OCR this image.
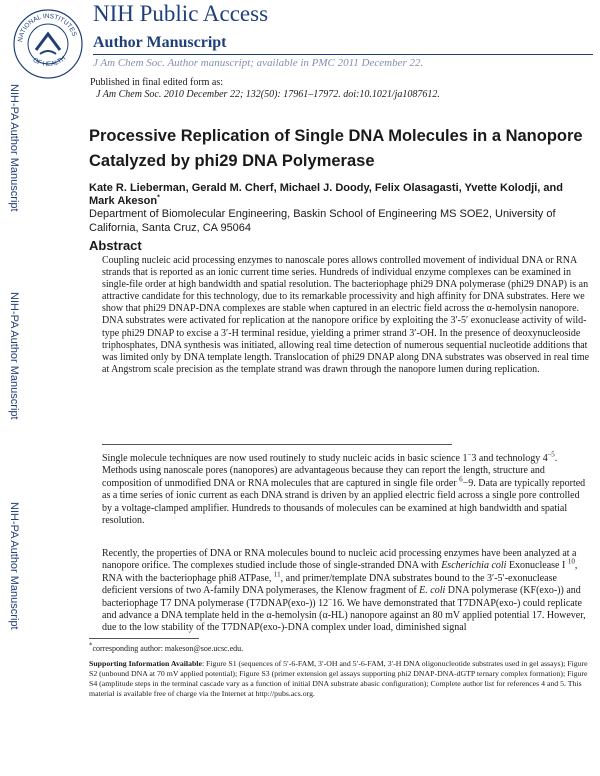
NATIONAL INSTITUTES
OF HEALTH
NIH Public Access
Author Manuscript
J Am Chem Soc. Author manuscript; available in PMC 2011 December 22.
Published in final edited form as:
J Am Chem Soc. 2010 December 22; 132(50): 17961–17972. doi:10.1021/ja1087612.
NIH-PA Author Manuscript
NIH-PA Author Manuscript
NIH-PA Author Manuscript
Processive Replication of Single DNA Molecules in a Nanopore
Catalyzed by phi29 DNA Polymerase
Kate R. Lieberman, Gerald M. Cherf, Michael J. Doody, Felix Olasagasti, Yvette Kolodji, and
Mark Akeson*
Department of Biomolecular Engineering, Baskin School of Engineering MS SOE2, University of California, Santa Cruz, CA 95064
Abstract
Coupling nucleic acid processing enzymes to nanoscale pores allows controlled movement of individual DNA or RNA strands that is reported as an ionic current time series. Hundreds of individual enzyme complexes can be examined in single-file order at high bandwidth and spatial resolution. The bacteriophage phi29 DNA polymerase (phi29 DNAP) is an attractive candidate for this technology, due to its remarkable processivity and high affinity for DNA substrates. Here we show that phi29 DNAP-DNA complexes are stable when captured in an electric field across the α-hemolysin nanopore. DNA substrates were activated for replication at the nanopore orifice by exploiting the 3′-5′ exonuclease activity of wild-type phi29 DNAP to excise a 3′-H terminal residue, yielding a primer strand 3′-OH. In the presence of deoxynucleoside triphosphates, DNA synthesis was initiated, allowing real time detection of numerous sequential nucleotide additions that was limited only by DNA template length. Translocation of phi29 DNAP along DNA substrates was observed in real time at Angstrom scale precision as the template strand was drawn through the nanopore lumen during replication.
Single molecule techniques are now used routinely to study nucleic acids in basic science 1−3 and technology $4^{-5}$. Methods using nanoscale pores (nanopores) are advantageous because they can report the length, structure and composition of unmodified DNA or RNA molecules that are captured in single file order $^6$−9. Data are typically reported as a time series of ionic current as each DNA strand is driven by an applied electric field across a single pore controlled by a voltage-clamped amplifier. Hundreds to thousands of molecules can be examined at high bandwidth and spatial resolution.
Recently, the properties of DNA or RNA molecules bound to nucleic acid processing enzymes have been analyzed at a nanopore orifice. The complexes studied include those of single-stranded DNA with Escherichia coli Exonuclease I $^{10}$, RNA with the bacteriophage phi8 ATPase, $^{11}$, and primer/template DNA substrates bound to the 3′-5′-exonuclease deficient versions of two A-family DNA polymerases, the Klenow fragment of E. coli DNA polymerase (KF(exo-)) and bacteriophage T7 DNA polymerase (T7DNAP(exo-)) 12−16. We have demonstrated that T7DNAP(exo-) could replicate and advance a DNA template held in the α-hemolysin (α-HL) nanopore against an 80 mV applied potential 17. However, due to the low stability of the T7DNAP(exo-)-DNA complex under load, diminished signal
*corresponding author: makeson@soe.ucsc.edu.
Supporting Information Available: Figure S1 (sequences of 5′-6-FAM, 3′-OH and 5′-6-FAM, 3′-H DNA oligonucleotide substrates used in gel assays); Figure S2 (unbound DNA at 70 mV applied potential); Figure S3 (primer extension gel assays supporting phi2 DNAP-DNA-dGTP ternary complex formation); Figure S4 (amplitude steps in the terminal cascade vary as a function of initial DNA substrate abasic configuration); Complete author list for references 4 and 5. This material is available free of charge via the Internet at http://pubs.acs.org.
